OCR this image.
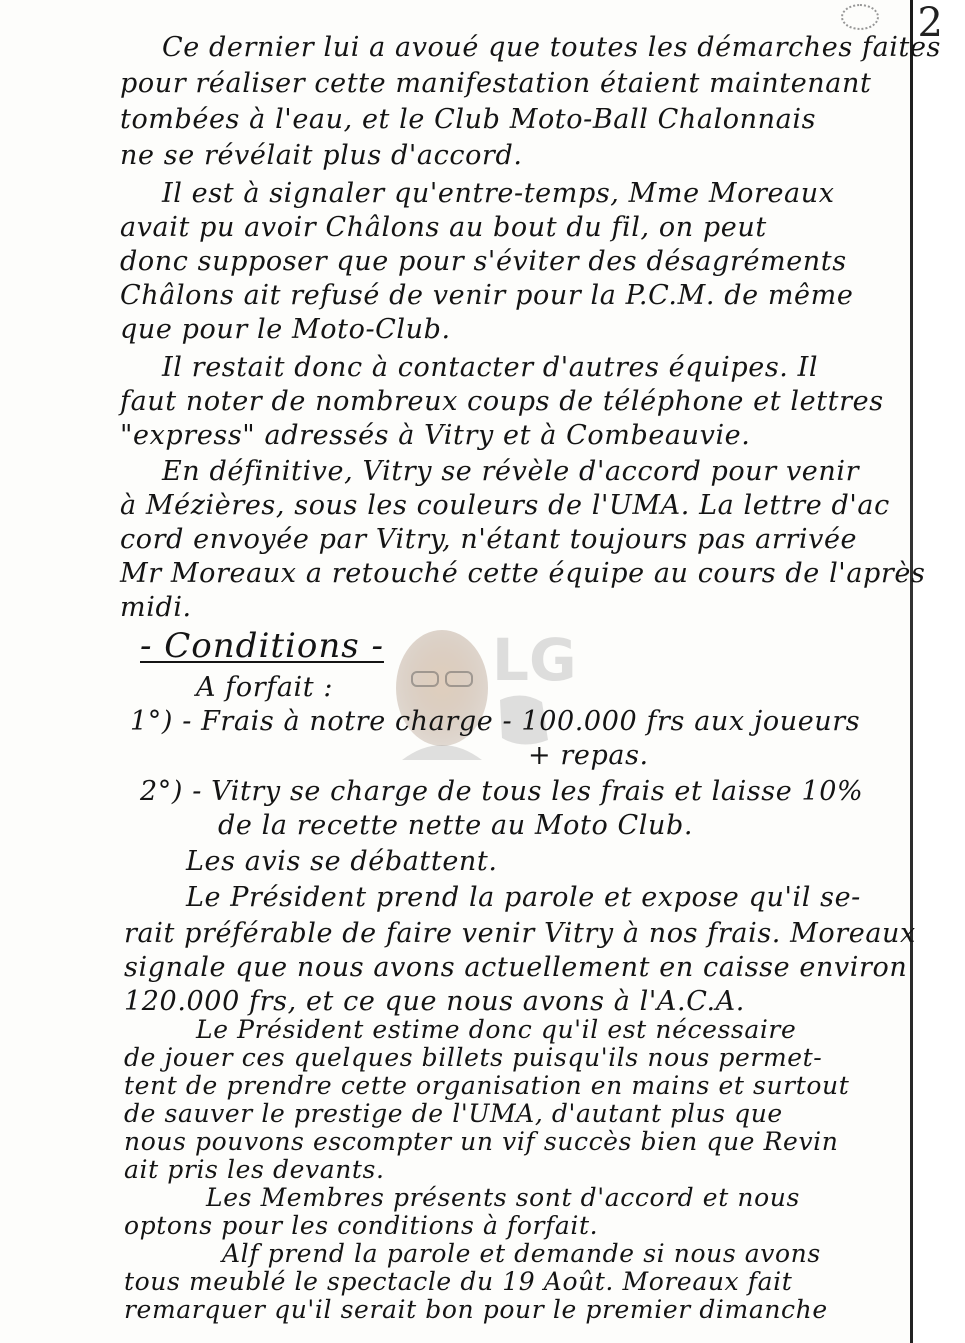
2
LG
Ce dernier lui a avoué que toutes les démarches faites
pour réaliser cette manifestation étaient maintenant
tombées à l'eau, et le Club Moto-Ball Chalonnais
ne se révélait plus d'accord.
Il est à signaler qu'entre-temps, Mme Moreaux
avait pu avoir Châlons au bout du fil, on peut
donc supposer que pour s'éviter des désagréments
Châlons ait refusé de venir pour la P.C.M. de même
que pour le Moto-Club.
Il restait donc à contacter d'autres équipes. Il
faut noter de nombreux coups de téléphone et lettres
"express" adressés à Vitry et à Combeauvie.
En définitive, Vitry se révèle d'accord pour venir
à Mézières, sous les couleurs de l'UMA. La lettre d'ac
cord envoyée par Vitry, n'étant toujours pas arrivée
Mr Moreaux a retouché cette équipe au cours de l'après
midi.
- Conditions -
A forfait :
1°) - Frais à notre charge - 100.000 frs aux joueurs
+ repas.
2°) - Vitry se charge de tous les frais et laisse 10%
de la recette nette au Moto Club.
Les avis se débattent.
Le Président prend la parole et expose qu'il se-
rait préférable de faire venir Vitry à nos frais. Moreaux
signale que nous avons actuellement en caisse environ
120.000 frs, et ce que nous avons à l'A.C.A.
Le Président estime donc qu'il est nécessaire
de jouer ces quelques billets puisqu'ils nous permet-
tent de prendre cette organisation en mains et surtout
de sauver le prestige de l'UMA, d'autant plus que
nous pouvons escompter un vif succès bien que Revin
ait pris les devants.
Les Membres présents sont d'accord et nous
optons pour les conditions à forfait.
Alf prend la parole et demande si nous avons
tous meublé le spectacle du 19 Août. Moreaux fait
remarquer qu'il serait bon pour le premier dimanche
